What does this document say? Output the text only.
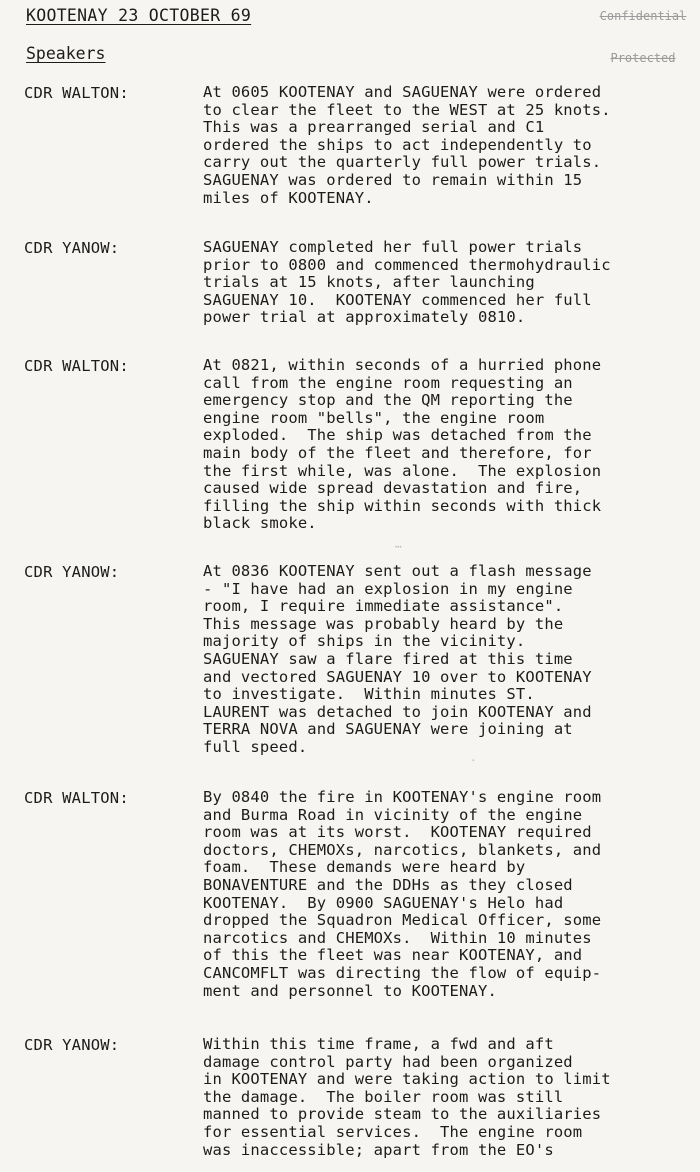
KOOTENAY 23 OCTOBER 69	Confidential
Protected
Speakers
CDR WALTON:	At 0605 KOOTENAY and SAGUENAY were ordered
to clear the fleet to the WEST at 25 knots.
This was a prearranged serial and C1
ordered the ships to act independently to
carry out the quarterly full power trials.
SAGUENAY was ordered to remain within 15
miles of KOOTENAY.
CDR YANOW:	SAGUENAY completed her full power trials
prior to 0800 and commenced thermohydraulic
trials at 15 knots, after launching
SAGUENAY 10.  KOOTENAY commenced her full
power trial at approximately 0810.
CDR WALTON:	At 0821, within seconds of a hurried phone
call from the engine room requesting an
emergency stop and the QM reporting the
engine room "bells", the engine room
exploded.  The ship was detached from the
main body of the fleet and therefore, for
the first while, was alone.  The explosion
caused wide spread devastation and fire,
filling the ship within seconds with thick
black smoke.
CDR YANOW:	At 0836 KOOTENAY sent out a flash message
- "I have had an explosion in my engine
room, I require immediate assistance".
This message was probably heard by the
majority of ships in the vicinity.
SAGUENAY saw a flare fired at this time
and vectored SAGUENAY 10 over to KOOTENAY
to investigate.  Within minutes ST.
LAURENT was detached to join KOOTENAY and
TERRA NOVA and SAGUENAY were joining at
full speed.
CDR WALTON:	By 0840 the fire in KOOTENAY's engine room
and Burma Road in vicinity of the engine
room was at its worst.  KOOTENAY required
doctors, CHEMOXs, narcotics, blankets, and
foam.  These demands were heard by
BONAVENTURE and the DDHs as they closed
KOOTENAY.  By 0900 SAGUENAY's Helo had
dropped the Squadron Medical Officer, some
narcotics and CHEMOXs.  Within 10 minutes
of this the fleet was near KOOTENAY, and
CANCOMFLT was directing the flow of equip-
ment and personnel to KOOTENAY.
CDR YANOW:	Within this time frame, a fwd and aft
damage control party had been organized
in KOOTENAY and were taking action to limit
the damage.  The boiler room was still
manned to provide steam to the auxiliaries
for essential services.  The engine room
was inaccessible; apart from the EO's
⋯
·
